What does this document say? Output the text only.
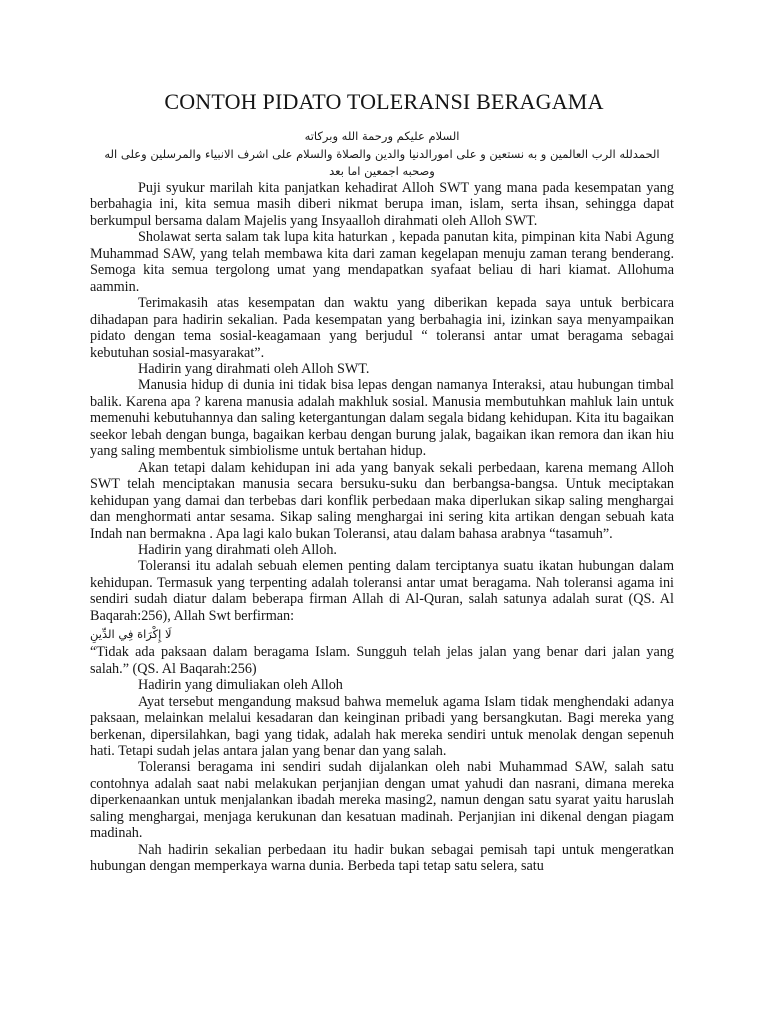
CONTOH PIDATO TOLERANSI BERAGAMA
السلام عليكم ورحمة الله وبركاته
الحمدلله الرب العالمين و به نستعين و على امورالدنيا والدين والصلاة والسلام على اشرف الانبياء والمرسلين وعلى اله وصحبه اجمعين اما بعد

Puji syukur marilah kita panjatkan kehadirat Alloh SWT yang mana pada kesempatan yang berbahagia ini, kita semua masih diberi nikmat berupa iman, islam, serta ihsan, sehingga dapat berkumpul bersama dalam Majelis yang Insyaalloh dirahmati oleh Alloh SWT.

Sholawat serta salam tak lupa kita haturkan , kepada panutan kita, pimpinan kita Nabi Agung Muhammad SAW, yang telah membawa kita dari zaman kegelapan menuju zaman terang benderang. Semoga kita semua tergolong umat yang mendapatkan syafaat beliau di hari kiamat. Allohuma aammin.

Terimakasih atas kesempatan dan waktu yang diberikan kepada saya untuk berbicara dihadapan para hadirin sekalian. Pada kesempatan yang berbahagia ini, izinkan saya menyampaikan pidato dengan tema sosial-keagamaan yang berjudul “ toleransi antar umat beragama sebagai kebutuhan sosial-masyarakat”.

Hadirin yang dirahmati oleh Alloh SWT.

Manusia hidup di dunia ini tidak bisa lepas dengan namanya Interaksi, atau hubungan timbal balik. Karena apa ? karena manusia adalah makhluk sosial. Manusia membutuhkan mahluk lain untuk memenuhi kebutuhannya dan saling ketergantungan dalam segala bidang kehidupan. Kita itu bagaikan seekor lebah dengan bunga, bagaikan kerbau dengan burung jalak, bagaikan ikan remora dan ikan hiu yang saling membentuk simbiolisme untuk bertahan hidup.

Akan tetapi dalam kehidupan ini ada yang banyak sekali perbedaan, karena memang Alloh SWT telah menciptakan manusia secara bersuku-suku dan berbangsa-bangsa. Untuk meciptakan kehidupan yang damai dan terbebas dari konflik perbedaan maka diperlukan sikap saling menghargai dan menghormati antar sesama. Sikap saling menghargai ini sering kita artikan dengan sebuah kata Indah nan bermakna . Apa lagi kalo bukan Toleransi, atau dalam bahasa arabnya “tasamuh”.

Hadirin yang dirahmati oleh Alloh.

Toleransi itu adalah sebuah elemen penting dalam terciptanya suatu ikatan hubungan dalam kehidupan. Termasuk yang terpenting adalah toleransi antar umat beragama. Nah toleransi agama ini sendiri sudah diatur dalam beberapa firman Allah di Al-Quran, salah satunya adalah surat (QS. Al Baqarah:256), Allah Swt berfirman:

لَا إِكْرَاهَ فِي الدِّينِ

“Tidak ada paksaan dalam beragama Islam. Sungguh telah jelas jalan yang benar dari jalan yang salah.” (QS. Al Baqarah:256)

Hadirin yang dimuliakan oleh Alloh

Ayat tersebut mengandung maksud bahwa memeluk agama Islam tidak menghendaki adanya paksaan, melainkan melalui kesadaran dan keinginan pribadi yang bersangkutan. Bagi mereka yang berkenan, dipersilahkan, bagi yang tidak, adalah hak mereka sendiri untuk menolak dengan sepenuh hati. Tetapi sudah jelas antara jalan yang benar dan yang salah.

Toleransi beragama ini sendiri sudah dijalankan oleh nabi Muhammad SAW, salah satu contohnya adalah saat nabi melakukan perjanjian dengan umat yahudi dan nasrani, dimana mereka diperkenaankan untuk menjalankan ibadah mereka masing2, namun dengan satu syarat yaitu haruslah saling menghargai, menjaga kerukunan dan kesatuan madinah. Perjanjian ini dikenal dengan piagam madinah.

Nah hadirin sekalian perbedaan itu hadir bukan sebagai pemisah tapi untuk mengeratkan hubungan dengan memperkaya warna dunia. Berbeda tapi tetap satu selera, satu
